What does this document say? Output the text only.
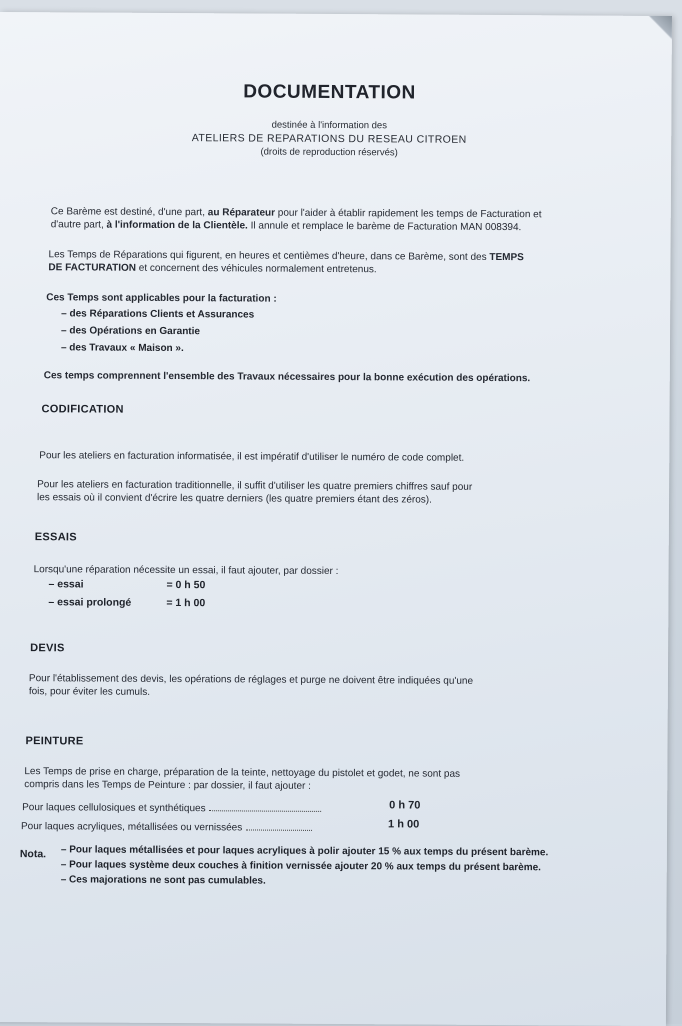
DOCUMENTATION
destinée à l'information des
ATELIERS DE REPARATIONS DU RESEAU CITROEN
(droits de reproduction réservés)
Ce Barème est destiné, d'une part, au Réparateur pour l'aider à établir rapidement les temps de Facturation et
d'autre part, à l'information de la Clientèle. Il annule et remplace le barème de Facturation MAN 008394.
Les Temps de Réparations qui figurent, en heures et centièmes d'heure, dans ce Barème, sont des TEMPS
DE FACTURATION et concernent des véhicules normalement entretenus.
Ces Temps sont applicables pour la facturation :
– des Réparations Clients et Assurances
– des Opérations en Garantie
– des Travaux « Maison ».
Ces temps comprennent l'ensemble des Travaux nécessaires pour la bonne exécution des opérations.
CODIFICATION
Pour les ateliers en facturation informatisée, il est impératif d'utiliser le numéro de code complet.
Pour les ateliers en facturation traditionnelle, il suffit d'utiliser les quatre premiers chiffres sauf pour
les essais où il convient d'écrire les quatre derniers (les quatre premiers étant des zéros).
ESSAIS
Lorsqu'une réparation nécessite un essai, il faut ajouter, par dossier :
– essai	= 0 h 50
– essai prolongé	= 1 h 00
DEVIS
Pour l'établissement des devis, les opérations de réglages et purge ne doivent être indiquées qu'une
fois, pour éviter les cumuls.
PEINTURE
Les Temps de prise en charge, préparation de la teinte, nettoyage du pistolet et godet, ne sont pas
compris dans les Temps de Peinture : par dossier, il faut ajouter :
Pour laques cellulosiques et synthétiques	0 h 70
Pour laques acryliques, métallisées ou vernissées	1 h 00
Nota. – Pour laques métallisées et pour laques acryliques à polir ajouter 15 % aux temps du présent barème.
– Pour laques système deux couches à finition vernissée ajouter 20 % aux temps du présent barème.
– Ces majorations ne sont pas cumulables.
